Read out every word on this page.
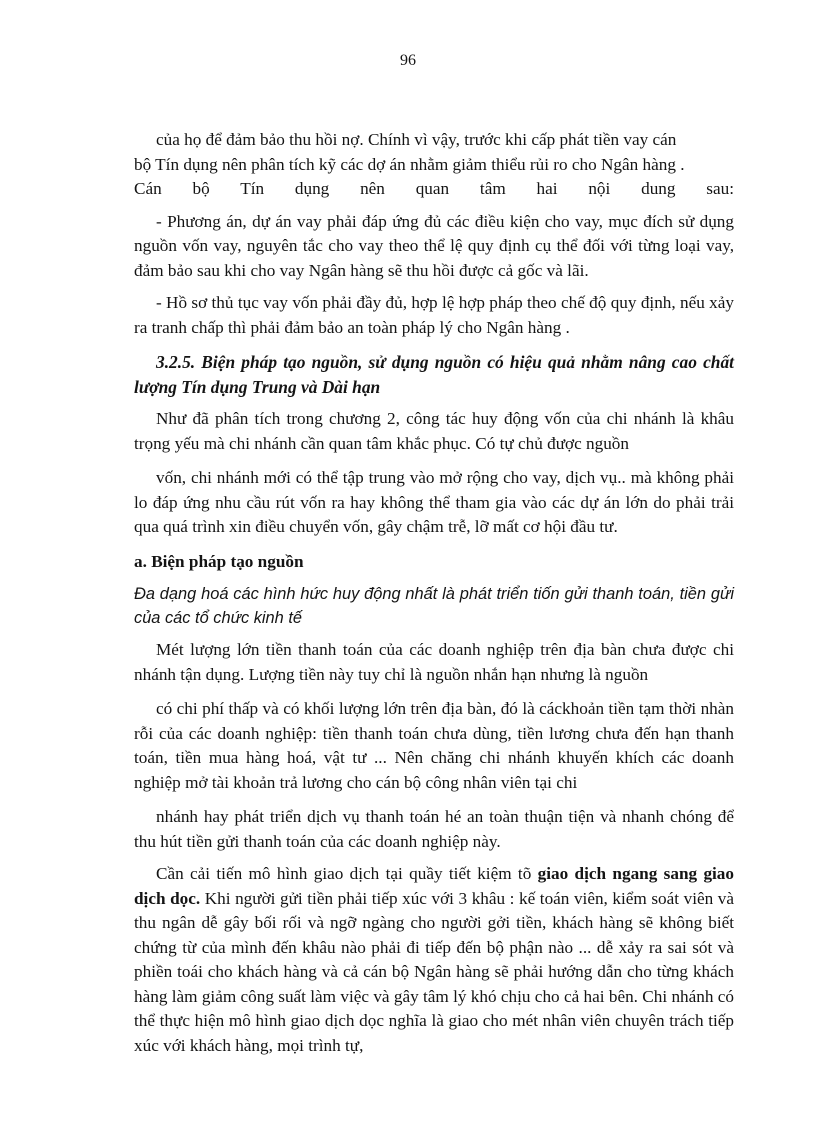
96

của họ để đảm bảo thu hồi nợ. Chính vì vậy, trước khi cấp phát tiền vay cán

bộ Tín dụng nên phân tích kỹ các dợ án nhằm giảm thiểu rủi ro cho Ngân hàng .

Cán bộ Tín dụng nên quan tâm hai nội dung sau:

- Phương án, dự án vay phải đáp ứng đủ các điều kiện cho vay, mục đích sử dụng nguồn vốn vay, nguyên tắc cho vay theo thể lệ quy định cụ thể đối với từng loại vay, đảm bảo sau khi cho vay Ngân hàng sẽ thu hồi được cả gốc và lãi.

- Hồ sơ thủ tục vay vốn phải đầy đủ, hợp lệ hợp pháp theo chế độ quy định, nếu xảy ra tranh chấp thì phải đảm bảo an toàn pháp lý cho Ngân hàng .

3.2.5. Biện pháp tạo nguồn, sử dụng nguồn có hiệu quả nhằm nâng cao chất lượng Tín dụng Trung và Dài hạn

Như đã phân tích trong chương 2, công tác huy động vốn của chi nhánh là khâu trọng yếu mà chi nhánh cần quan tâm khắc phục. Có tự chủ được nguồn

vốn, chi nhánh mới có thể tập trung vào mở rộng cho vay, dịch vụ.. mà không phải lo đáp ứng nhu cầu rút vốn ra hay không thể tham gia vào các dự án lớn do phải trải qua quá trình xin điều chuyển vốn, gây chậm trễ, lỡ mất cơ hội đầu tư.

a. Biện pháp tạo nguồn

Đa dạng hoá các hình hức huy động nhất là phát triển tiốn gửi thanh toán, tiền gửi của các tổ chức kinh tế

Mét lượng lớn tiền thanh toán của các doanh nghiệp trên địa bàn chưa được chi nhánh tận dụng. Lượng tiền này tuy chỉ là nguồn nhắn hạn nhưng là nguồn

có chi phí thấp và có khối lượng lớn trên địa bàn, đó là cáckhoản tiền tạm thời nhàn rỗi của các doanh nghiệp: tiền thanh toán chưa dùng, tiền lương chưa đến hạn thanh toán, tiền mua hàng hoá, vật tư ... Nên chăng chi nhánh khuyến khích các doanh nghiệp mở tài khoản trả lương cho cán bộ công nhân viên tại chi

nhánh hay phát triển dịch vụ thanh toán hé an toàn thuận tiện và nhanh chóng để thu hút tiền gửi thanh toán của các doanh nghiệp này.

Cần cải tiến mô hình giao dịch tại quầy tiết kiệm tõ giao dịch ngang sang giao dịch dọc. Khi người gửi tiền phải tiếp xúc với 3 khâu : kế toán viên, kiểm soát viên và thu ngân dễ gây bối rối và ngỡ ngàng cho người gởi tiền, khách hàng sẽ không biết chứng từ của mình đến khâu nào phải đi tiếp đến bộ phận nào ... dễ xảy ra sai sót và phiền toái cho khách hàng và cả cán bộ Ngân hàng sẽ phải hướng dẫn cho từng khách hàng làm giảm công suất làm việc và gây tâm lý khó chịu cho cả hai bên. Chi nhánh có thể thực hiện mô hình giao dịch dọc nghĩa là giao cho mét nhân viên chuyên trách tiếp xúc với khách hàng, mọi trình tự,
